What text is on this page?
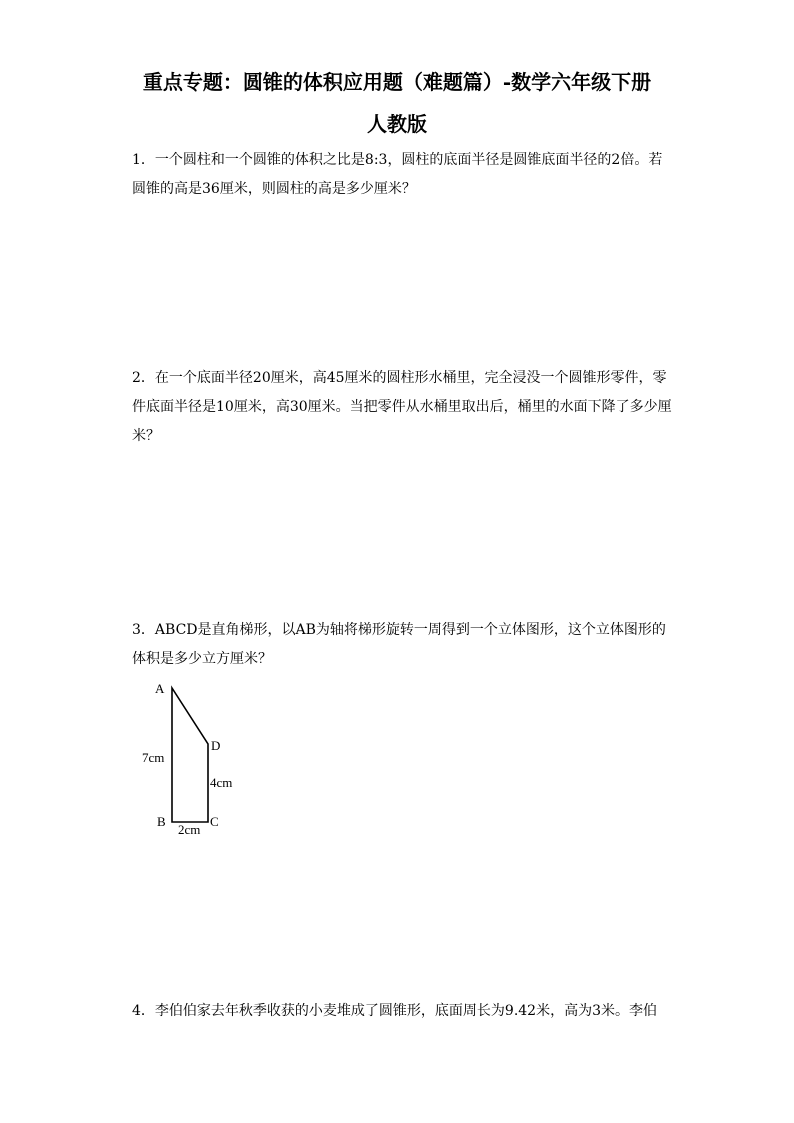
重点专题：圆锥的体积应用题（难题篇）-数学六年级下册
人教版

1．一个圆柱和一个圆锥的体积之比是8:3，圆柱的底面半径是圆锥底面半径的2倍。若圆锥的高是36厘米，则圆柱的高是多少厘米？

2．在一个底面半径20厘米，高45厘米的圆柱形水桶里，完全浸没一个圆锥形零件，零件底面半径是10厘米，高30厘米。当把零件从水桶里取出后，桶里的水面下降了多少厘米？

3．ABCD是直角梯形，以AB为轴将梯形旋转一周得到一个立体图形，这个立体图形的体积是多少立方厘米？

A
D
B	C
7cm
4cm
2cm

4．李伯伯家去年秋季收获的小麦堆成了圆锥形，底面周长为9.42米，高为3米。李伯
